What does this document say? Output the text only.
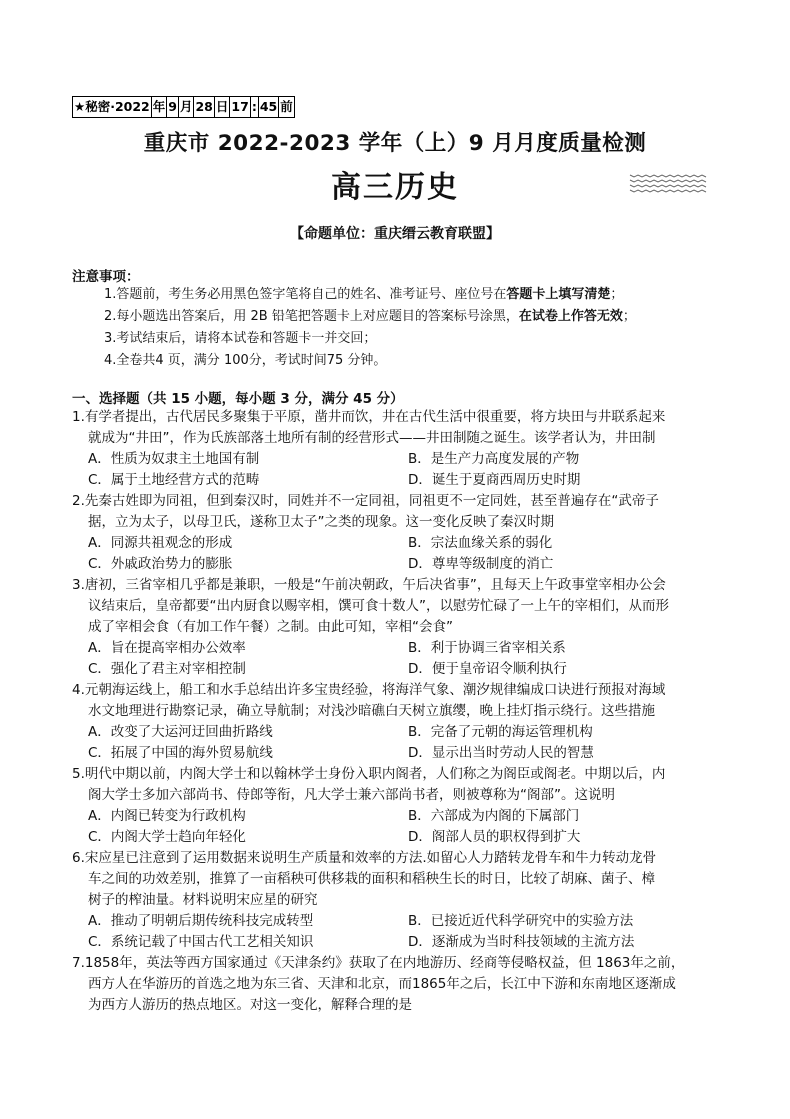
★秘密·2022 年 9 月 28 日 17 : 45 前
重庆市 2022-2023 学年（上）9 月月度质量检测
高三历史
【命题单位：重庆缙云教育联盟】
注意事项：
1.答题前，考生务必用黑色签字笔将自己的姓名、准考证号、座位号在答题卡上填写清楚；
2.每小题选出答案后，用 2B 铅笔把答题卡上对应题目的答案标号涂黑，在试卷上作答无效；
3.考试结束后，请将本试卷和答题卡一并交回；
4.全卷共4 页，满分 100分，考试时间75 分钟。
一、选择题（共 15 小题，每小题 3 分，满分 45 分）
1.有学者提出，古代居民多聚集于平原，凿井而饮，井在古代生活中很重要，将方块田与井联系起来
就成为“井田”，作为氏族部落土地所有制的经营形式——井田制随之诞生。该学者认为，井田制
A．性质为奴隶主土地国有制	B．是生产力高度发展的产物
C．属于土地经营方式的范畴	D．诞生于夏商西周历史时期
2.先秦古姓即为同祖，但到秦汉时，同姓并不一定同祖，同祖更不一定同姓，甚至普遍存在“武帝子
据，立为太子，以母卫氏，遂称卫太子”之类的现象。这一变化反映了秦汉时期
A．同源共祖观念的形成	B．宗法血缘关系的弱化
C．外戚政治势力的膨胀	D．尊卑等级制度的消亡
3.唐初，三省宰相几乎都是兼职，一般是“午前决朝政，午后决省事”，且每天上午政事堂宰相办公会
议结束后，皇帝都要“出内厨食以赐宰相，馔可食十数人”，以慰劳忙碌了一上午的宰相们，从而形
成了宰相会食（有加工作午餐）之制。由此可知，宰相“会食”
A．旨在提高宰相办公效率	B．利于协调三省宰相关系
C．强化了君主对宰相控制	D．便于皇帝诏令顺利执行
4.元朝海运线上，船工和水手总结出许多宝贵经验，将海洋气象、潮汐规律编成口诀进行预报对海域
水文地理进行勘察记录，确立导航制；对浅沙暗礁白天树立旗缨，晚上挂灯指示绕行。这些措施
A．改变了大运河迂回曲折路线	B．完备了元朝的海运管理机构
C．拓展了中国的海外贸易航线	D．显示出当时劳动人民的智慧
5.明代中期以前，内阁大学士和以翰林学士身份入职内阁者，人们称之为阁臣或阁老。中期以后，内
阁大学士多加六部尚书、侍郎等衔，凡大学士兼六部尚书者，则被尊称为“阁部”。这说明
A．内阁已转变为行政机构	B．六部成为内阁的下属部门
C．内阁大学士趋向年轻化	D．阁部人员的职权得到扩大
6.宋应星已注意到了运用数据来说明生产质量和效率的方法.如留心人力踏转龙骨车和牛力转动龙骨
车之间的功效差别，推算了一亩稻秧可供移栽的面积和稻秧生长的时日，比较了胡麻、菌子、樟
树子的榨油量。材料说明宋应星的研究
A．推动了明朝后期传统科技完成转型	B．已接近近代科学研究中的实验方法
C．系统记载了中国古代工艺相关知识	D．逐渐成为当时科技领域的主流方法
7.1858年，英法等西方国家通过《天津条约》获取了在内地游历、经商等侵略权益，但 1863年之前，
西方人在华游历的首选之地为东三省、天津和北京，而1865年之后，长江中下游和东南地区逐渐成
为西方人游历的热点地区。对这一变化，解释合理的是
